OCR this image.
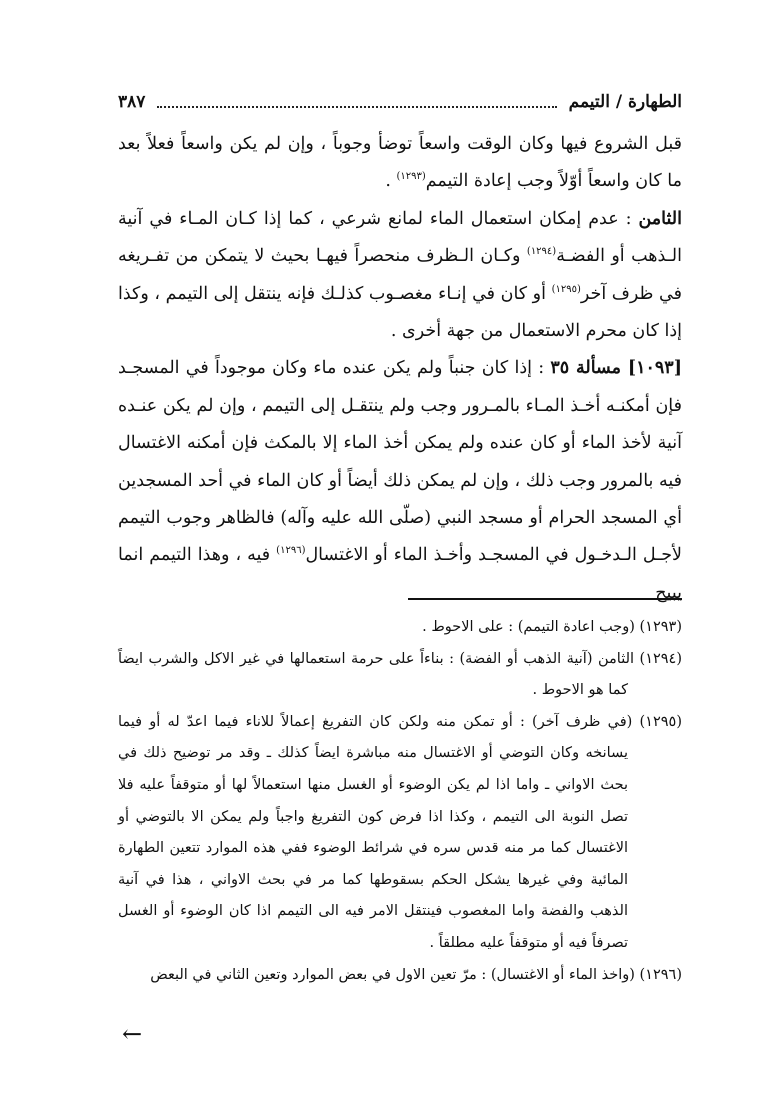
الطهارة / التيمم
٣٨٧

قبل الشروع فيها وكان الوقت واسعاً توضأ وجوباً ، وإن لم يكن واسعاً فعلاً بعد ما كان واسعاً أوّلاً وجب إعادة التيمم$^{(١٢٩٣)}$ .

الثامن : عدم إمكان استعمال الماء لمانع شرعي ، كما إذا كـان المـاء في آنية الـذهب أو الفضـة$^{(١٢٩٤)}$ وكـان الـظرف منحصراً فيهـا بحيث لا يتمكن من تفـريغه في ظرف آخر$^{(١٢٩٥)}$ أو كان في إنـاء مغصـوب كذلـك فإنه ينتقل إلى التيمم ، وكذا إذا كان محرم الاستعمال من جهة أخرى .

[١٠٩٣] مسألة ٣٥ : إذا كان جنباً ولم يكن عنده ماء وكان موجوداً في المسجـد فإن أمكنـه أخـذ المـاء بالمـرور وجب ولم ينتقـل إلى التيمم ، وإن لم يكن عنـده آنية لأخذ الماء أو كان عنده ولم يمكن أخذ الماء إلا بالمكث فإن أمكنه الاغتسال فيه بالمرور وجب ذلك ، وإن لم يمكن ذلك أيضاً أو كان الماء في أحد المسجدين أي المسجد الحرام أو مسجد النبي (صلّى الله عليه وآله) فالظاهر وجوب التيمم لأجـل الـدخـول في المسجـد وأخـذ الماء أو الاغتسال$^{(١٢٩٦)}$ فيه ، وهذا التيمم انما يبيح

(١٢٩٣) (وجب اعادة التيمم) : على الاحوط .

(١٢٩٤) الثامن (آنية الذهب أو الفضة) : بناءاً على حرمة استعمالها في غير الاكل والشرب ايضاً كما هو الاحوط .

(١٢٩٥) (في ظرف آخر) : أو تمكن منه ولكن كان التفريغ إعمالاً للاناء فيما اعدّ له أو فيما يسانخه وكان التوضي أو الاغتسال منه مباشرة ايضاً كذلك ـ وقد مر توضيح ذلك في بحث الاواني ـ واما اذا لم يكن الوضوء أو الغسل منها استعمالاً لها أو متوقفاً عليه فلا تصل النوبة الى التيمم ، وكذا اذا فرض كون التفريغ واجباً ولم يمكن الا بالتوضي أو الاغتسال كما مر منه قدس سره في شرائط الوضوء ففي هذه الموارد تتعين الطهارة المائية وفي غيرها يشكل الحكم بسقوطها كما مر في بحث الاواني ، هذا في آنية الذهب والفضة واما المغصوب فينتقل الامر فيه الى التيمم اذا كان الوضوء أو الغسل تصرفاً فيه أو متوقفاً عليه مطلقاً .

(١٢٩٦) (واخذ الماء أو الاغتسال) : مرّ تعين الاول في بعض الموارد وتعين الثاني في البعض

←
